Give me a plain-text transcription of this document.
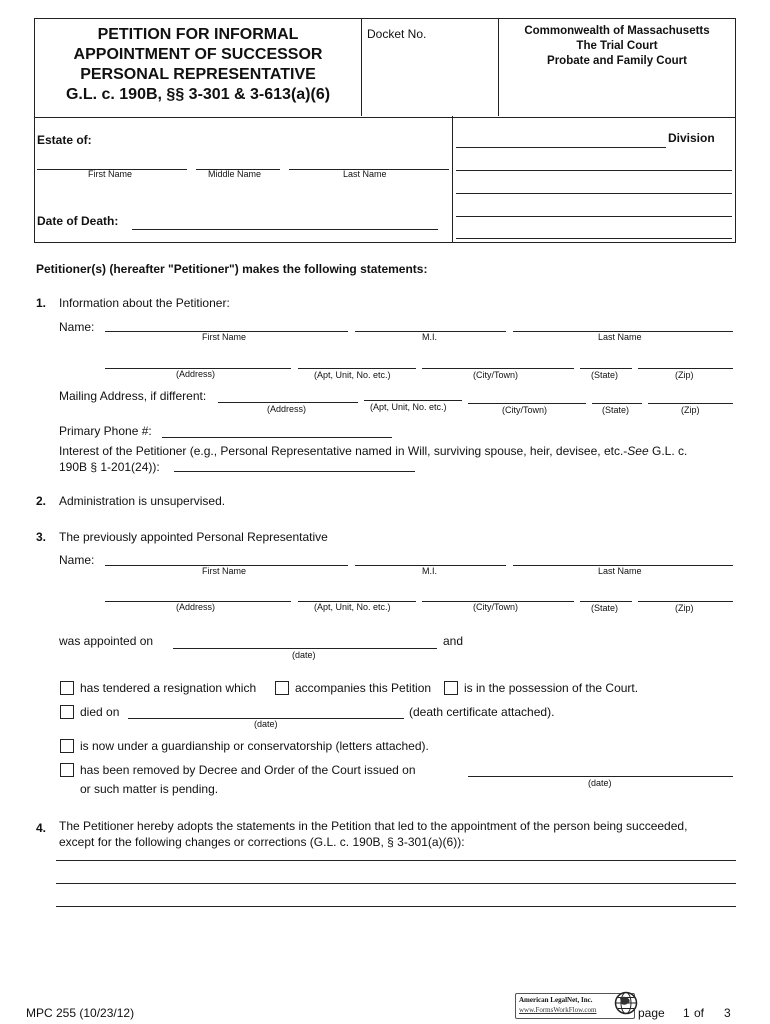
PETITION FOR INFORMAL
APPOINTMENT OF SUCCESSOR
PERSONAL REPRESENTATIVE
G.L. c. 190B, §§ 3-301 & 3-613(a)(6)
Docket No.	Commonwealth of Massachusetts
The Trial Court
Probate and Family Court
Estate of:	Division
First Name	Middle Name	Last Name
Date of Death:
Petitioner(s) (hereafter "Petitioner") makes the following statements:
1. Information about the Petitioner:
Name:
First Name	M.I.	Last Name
(Address)	(Apt, Unit, No. etc.)	(City/Town)	(State)	(Zip)
Mailing Address, if different:
(Address)	(Apt, Unit, No. etc.)	(City/Town)	(State)	(Zip)
Primary Phone #:
Interest of the Petitioner (e.g., Personal Representative named in Will, surviving spouse, heir, devisee, etc.-See G.L. c.
190B § 1-201(24)):
2. Administration is unsupervised.
3. The previously appointed Personal Representative
Name:
First Name	M.I.	Last Name
(Address)	(Apt, Unit, No. etc.)	(City/Town)	(State)	(Zip)
was appointed on	and
(date)
has tendered a resignation which	accompanies this Petition	is in the possession of the Court.
died on	(death certificate attached).
(date)
is now under a guardianship or conservatorship (letters attached).
has been removed by Decree and Order of the Court issued on
(date)
or such matter is pending.
4. The Petitioner hereby adopts the statements in the Petition that led to the appointment of the person being succeeded,
except for the following changes or corrections (G.L. c. 190B, § 3-301(a)(6)):
MPC 255 (10/23/12)
American LegalNet, Inc.
www.FormsWorkFlow.com	page 1 of 3
